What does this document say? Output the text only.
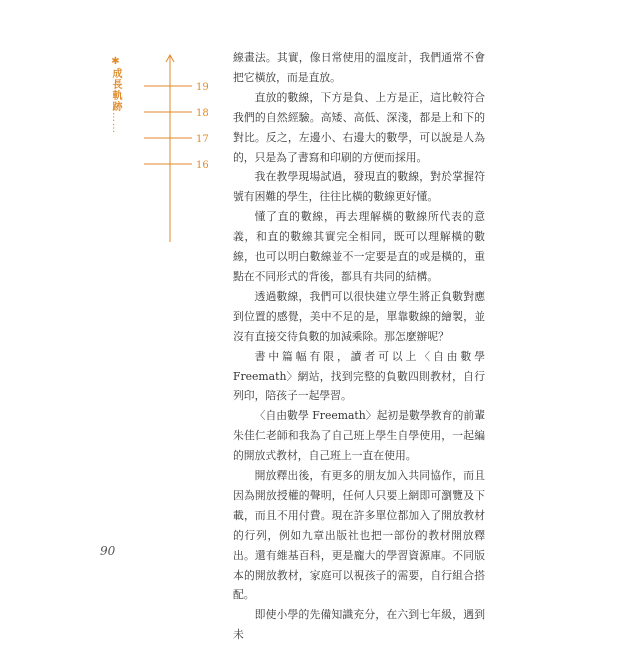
✱成長軌跡……
19
18
17
16

線畫法。其實，像日常使用的溫度計，我們通常不會把它橫放，而是直放。

直放的數線，下方是負、上方是正，這比較符合我們的自然經驗。高矮、高低、深淺，都是上和下的對比。反之，左邊小、右邊大的數學，可以說是人為的，只是為了書寫和印刷的方便而採用。

我在教學現場試過，發現直的數線，對於掌握符號有困難的學生，往往比橫的數線更好懂。

懂了直的數線，再去理解橫的數線所代表的意義，和直的數線其實完全相同，既可以理解橫的數線，也可以明白數線並不一定要是直的或是橫的，重點在不同形式的背後，都具有共同的結構。

透過數線，我們可以很快建立學生將正負數對應到位置的感覺，美中不足的是，單靠數線的繪製，並沒有直接交待負數的加減乘除。那怎麼辦呢？

書中篇幅有限，讀者可以上〈自由數學 Freemath〉網站，找到完整的負數四則教材，自行列印，陪孩子一起學習。

〈自由數學 Freemath〉起初是數學教育的前輩朱佳仁老師和我為了自己班上學生自學使用，一起編的開放式教材，自己班上一直在使用。

開放釋出後，有更多的朋友加入共同協作，而且因為開放授權的聲明，任何人只要上網即可瀏覽及下載，而且不用付費。現在許多單位都加入了開放教材的行列，例如九章出版社也把一部份的教材開放釋出。還有維基百科，更是龐大的學習資源庫。不同版本的開放教材，家庭可以視孩子的需要，自行組合搭配。

即使小學的先備知識充分，在六到七年級，遇到未

90
